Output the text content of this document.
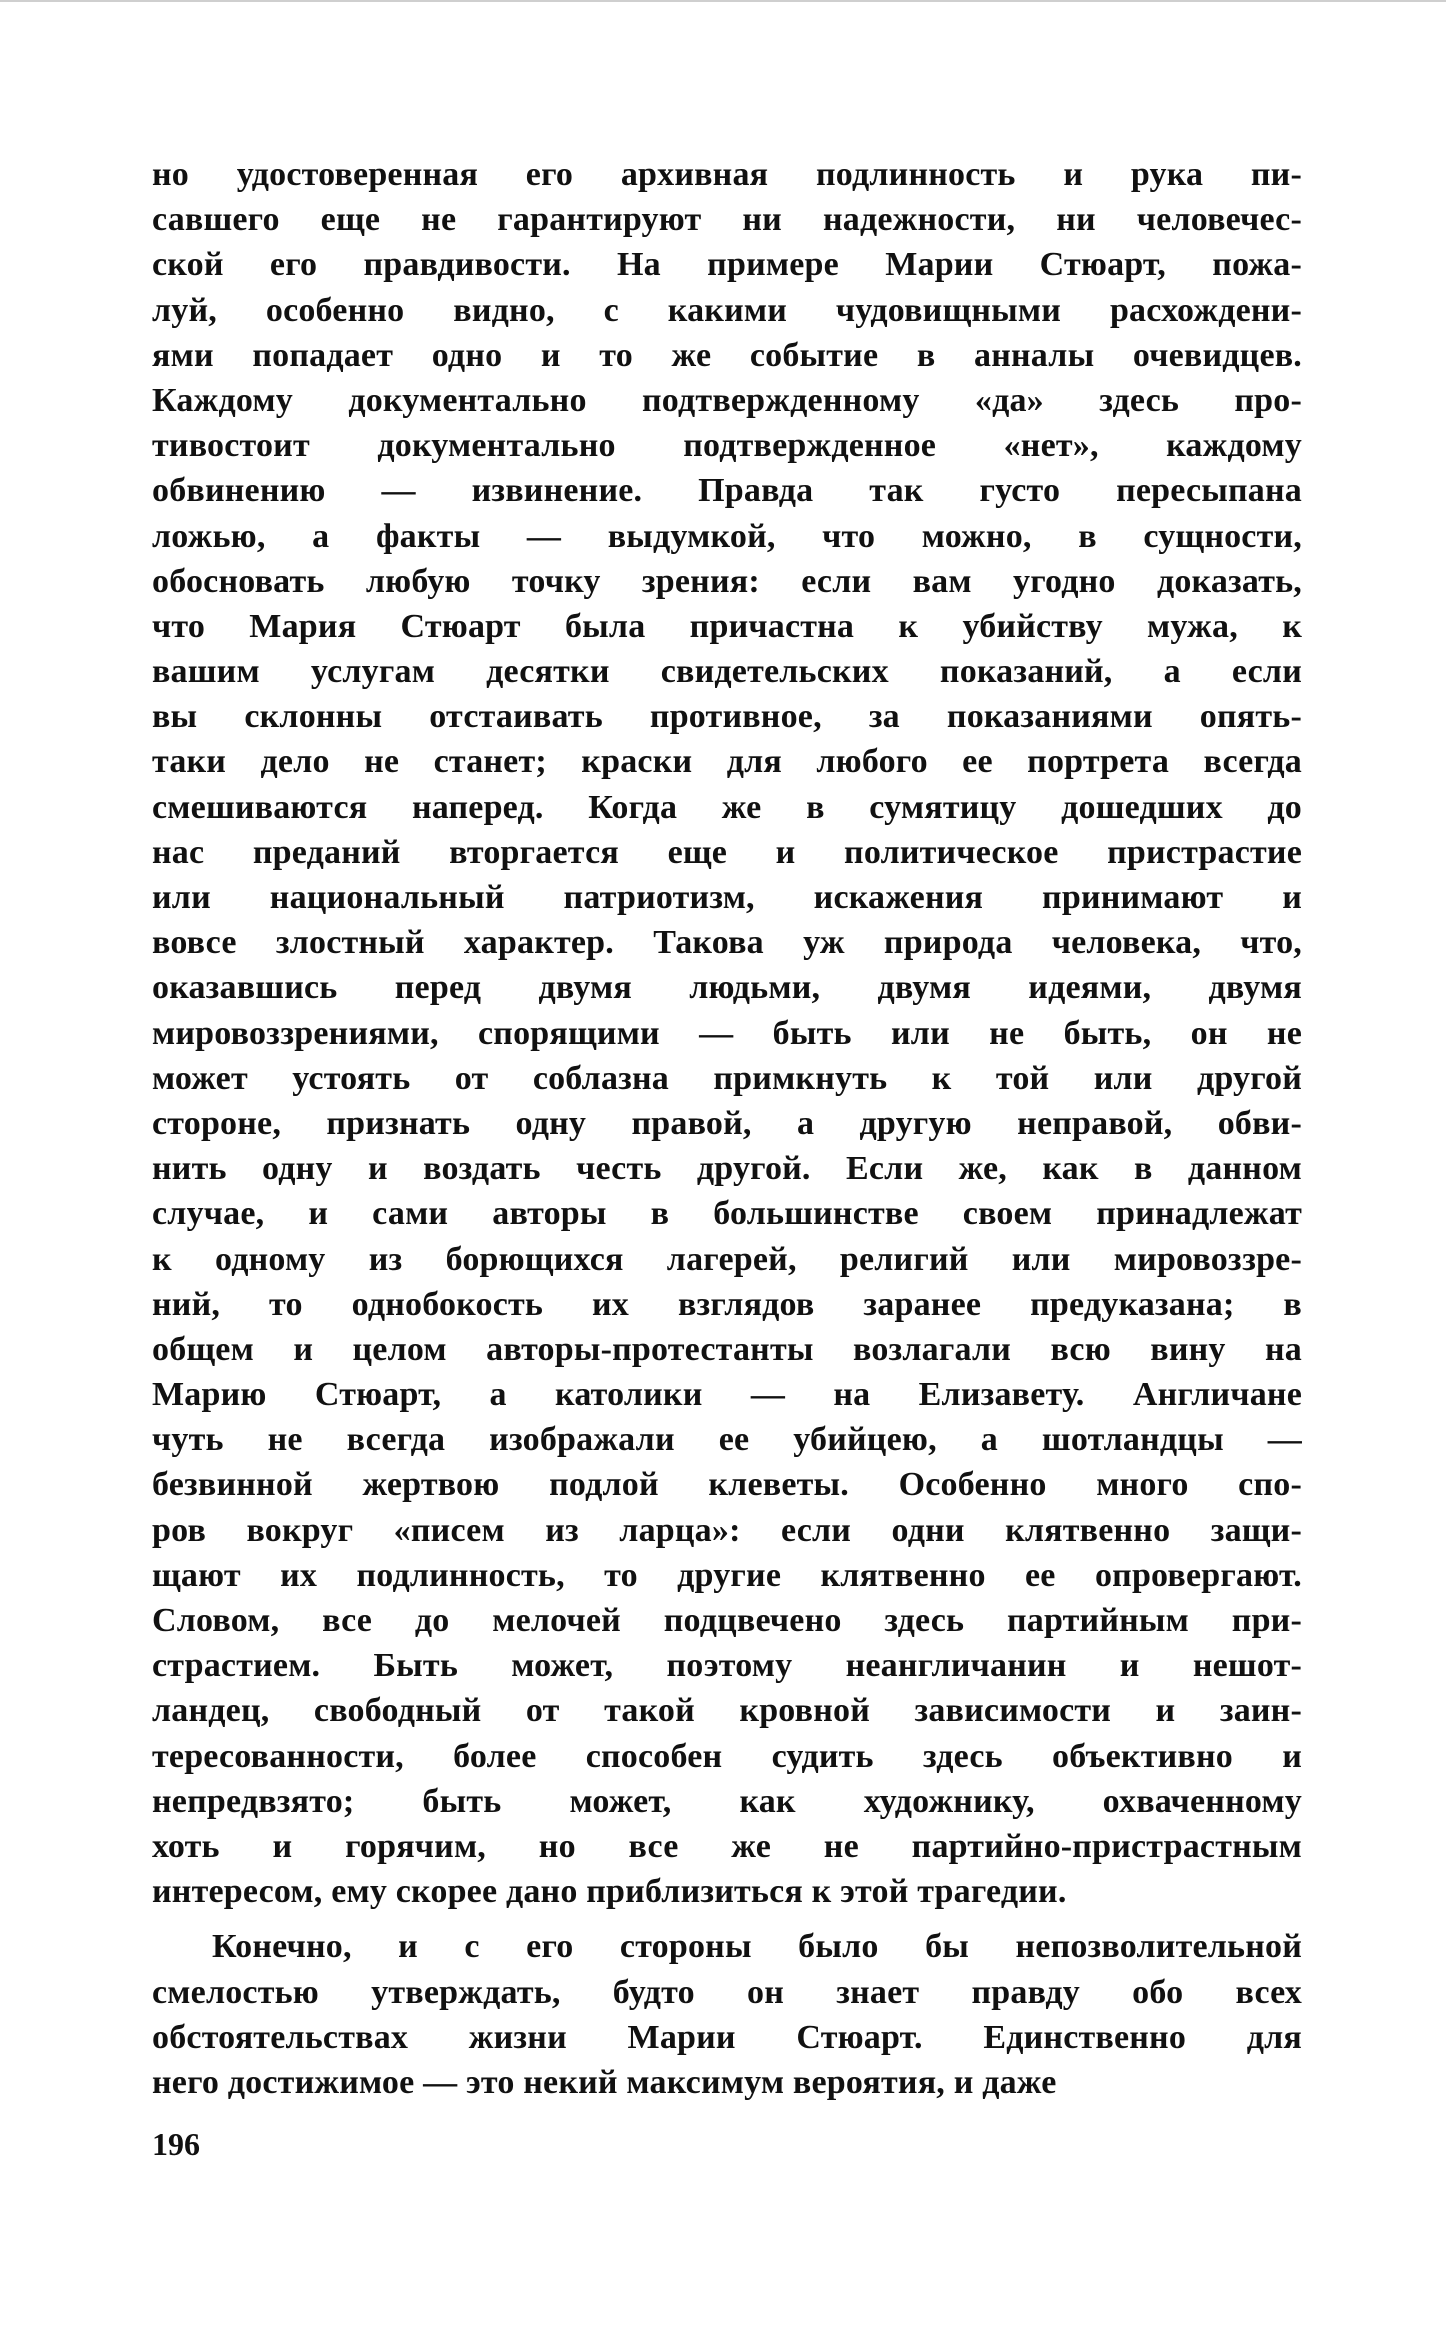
но удостоверенная его архивная подлинность и рука пи-
савшего еще не гарантируют ни надежности, ни человечес-
ской его правдивости. На примере Марии Стюарт, пожа-
луй, особенно видно, с какими чудовищными расхождени-
ями попадает одно и то же событие в анналы очевидцев.
Каждому документально подтвержденному «да» здесь про-
тивостоит документально подтвержденное «нет», каждому
обвинению — извинение. Правда так густо пересыпана
ложью, а факты — выдумкой, что можно, в сущности,
обосновать любую точку зрения: если вам угодно доказать,
что Мария Стюарт была причастна к убийству мужа, к
вашим услугам десятки свидетельских показаний, а если
вы склонны отстаивать противное, за показаниями опять-
таки дело не станет; краски для любого ее портрета всегда
смешиваются наперед. Когда же в сумятицу дошедших до
нас преданий вторгается еще и политическое пристрастие
или национальный патриотизм, искажения принимают и
вовсе злостный характер. Такова уж природа человека, что,
оказавшись перед двумя людьми, двумя идеями, двумя
мировоззрениями, спорящими — быть или не быть, он не
может устоять от соблазна примкнуть к той или другой
стороне, признать одну правой, а другую неправой, обви-
нить одну и воздать честь другой. Если же, как в данном
случае, и сами авторы в большинстве своем принадлежат
к одному из борющихся лагерей, религий или мировоззре-
ний, то однобокость их взглядов заранее предуказана; в
общем и целом авторы-протестанты возлагали всю вину на
Марию Стюарт, а католики — на Елизавету. Англичане
чуть не всегда изображали ее убийцею, а шотландцы —
безвинной жертвою подлой клеветы. Особенно много спо-
ров вокруг «писем из ларца»: если одни клятвенно защи-
щают их подлинность, то другие клятвенно ее опровергают.
Словом, все до мелочей подцвечено здесь партийным при-
страстием. Быть может, поэтому неангличанин и нешот-
ландец, свободный от такой кровной зависимости и заин-
тересованности, более способен судить здесь объективно и
непредвзято; быть может, как художнику, охваченному
хоть и горячим, но все же не партийно-пристрастным
интересом, ему скорее дано приблизиться к этой трагедии.
Конечно, и с его стороны было бы непозволительной
смелостью утверждать, будто он знает правду обо всех
обстоятельствах жизни Марии Стюарт. Единственно для
него достижимое — это некий максимум вероятия, и даже
196
